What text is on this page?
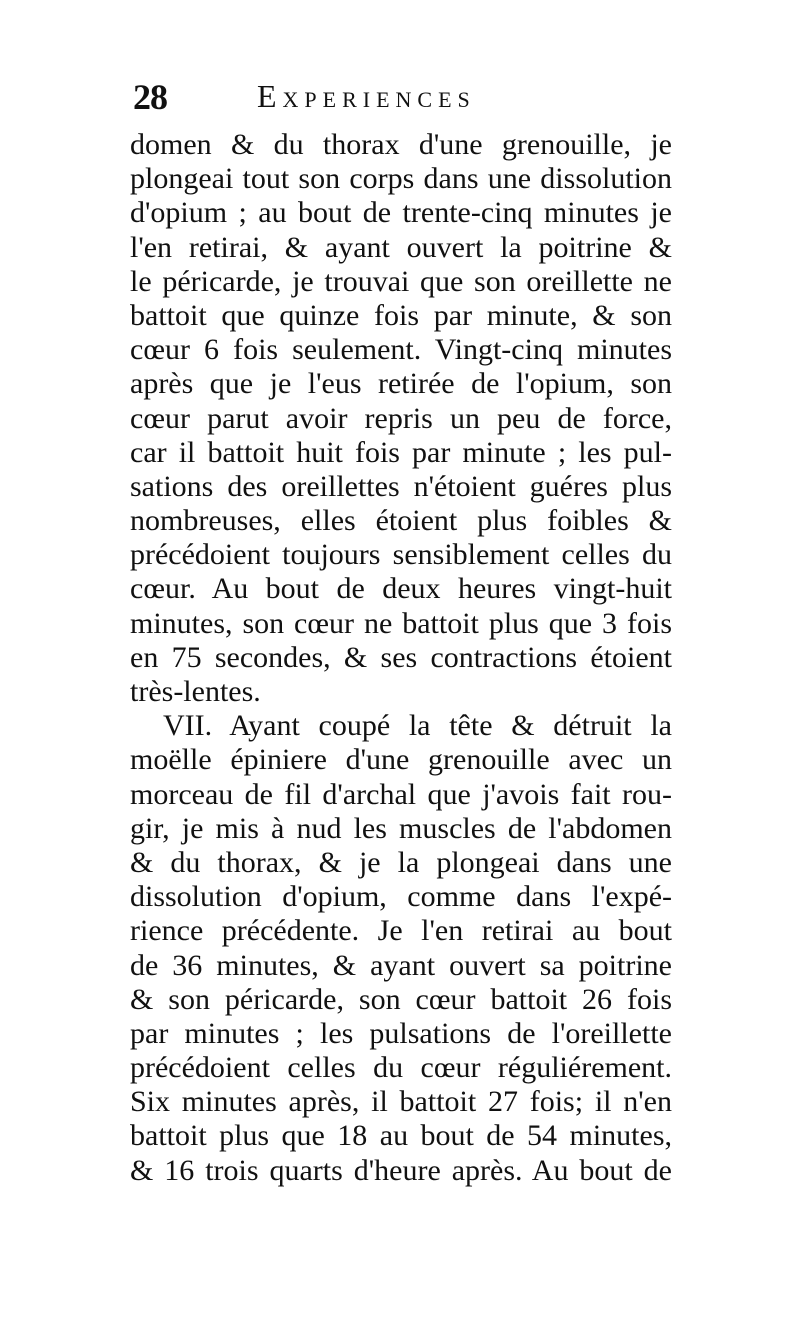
28	Experiences
domen & du thorax d'une grenouille, je
plongeai tout son corps dans une dissolution
d'opium ; au bout de trente-cinq minutes je
l'en retirai, & ayant ouvert la poitrine &
le péricarde, je trouvai que son oreillette ne
battoit que quinze fois par minute, & son
cœur 6 fois seulement. Vingt-cinq minutes
après que je l'eus retirée de l'opium, son
cœur parut avoir repris un peu de force,
car il battoit huit fois par minute ; les pul-
sations des oreillettes n'étoient guéres plus
nombreuses, elles étoient plus foibles &
précédoient toujours sensiblement celles du
cœur. Au bout de deux heures vingt-huit
minutes, son cœur ne battoit plus que 3 fois
en 75 secondes, & ses contractions étoient
très-lentes.
VII. Ayant coupé la tête & détruit la
moëlle épiniere d'une grenouille avec un
morceau de fil d'archal que j'avois fait rou-
gir, je mis à nud les muscles de l'abdomen
& du thorax, & je la plongeai dans une
dissolution d'opium, comme dans l'expé-
rience précédente. Je l'en retirai au bout
de 36 minutes, & ayant ouvert sa poitrine
& son péricarde, son cœur battoit 26 fois
par minutes ; les pulsations de l'oreillette
précédoient celles du cœur réguliérement.
Six minutes après, il battoit 27 fois; il n'en
battoit plus que 18 au bout de 54 minutes,
& 16 trois quarts d'heure après. Au bout de
